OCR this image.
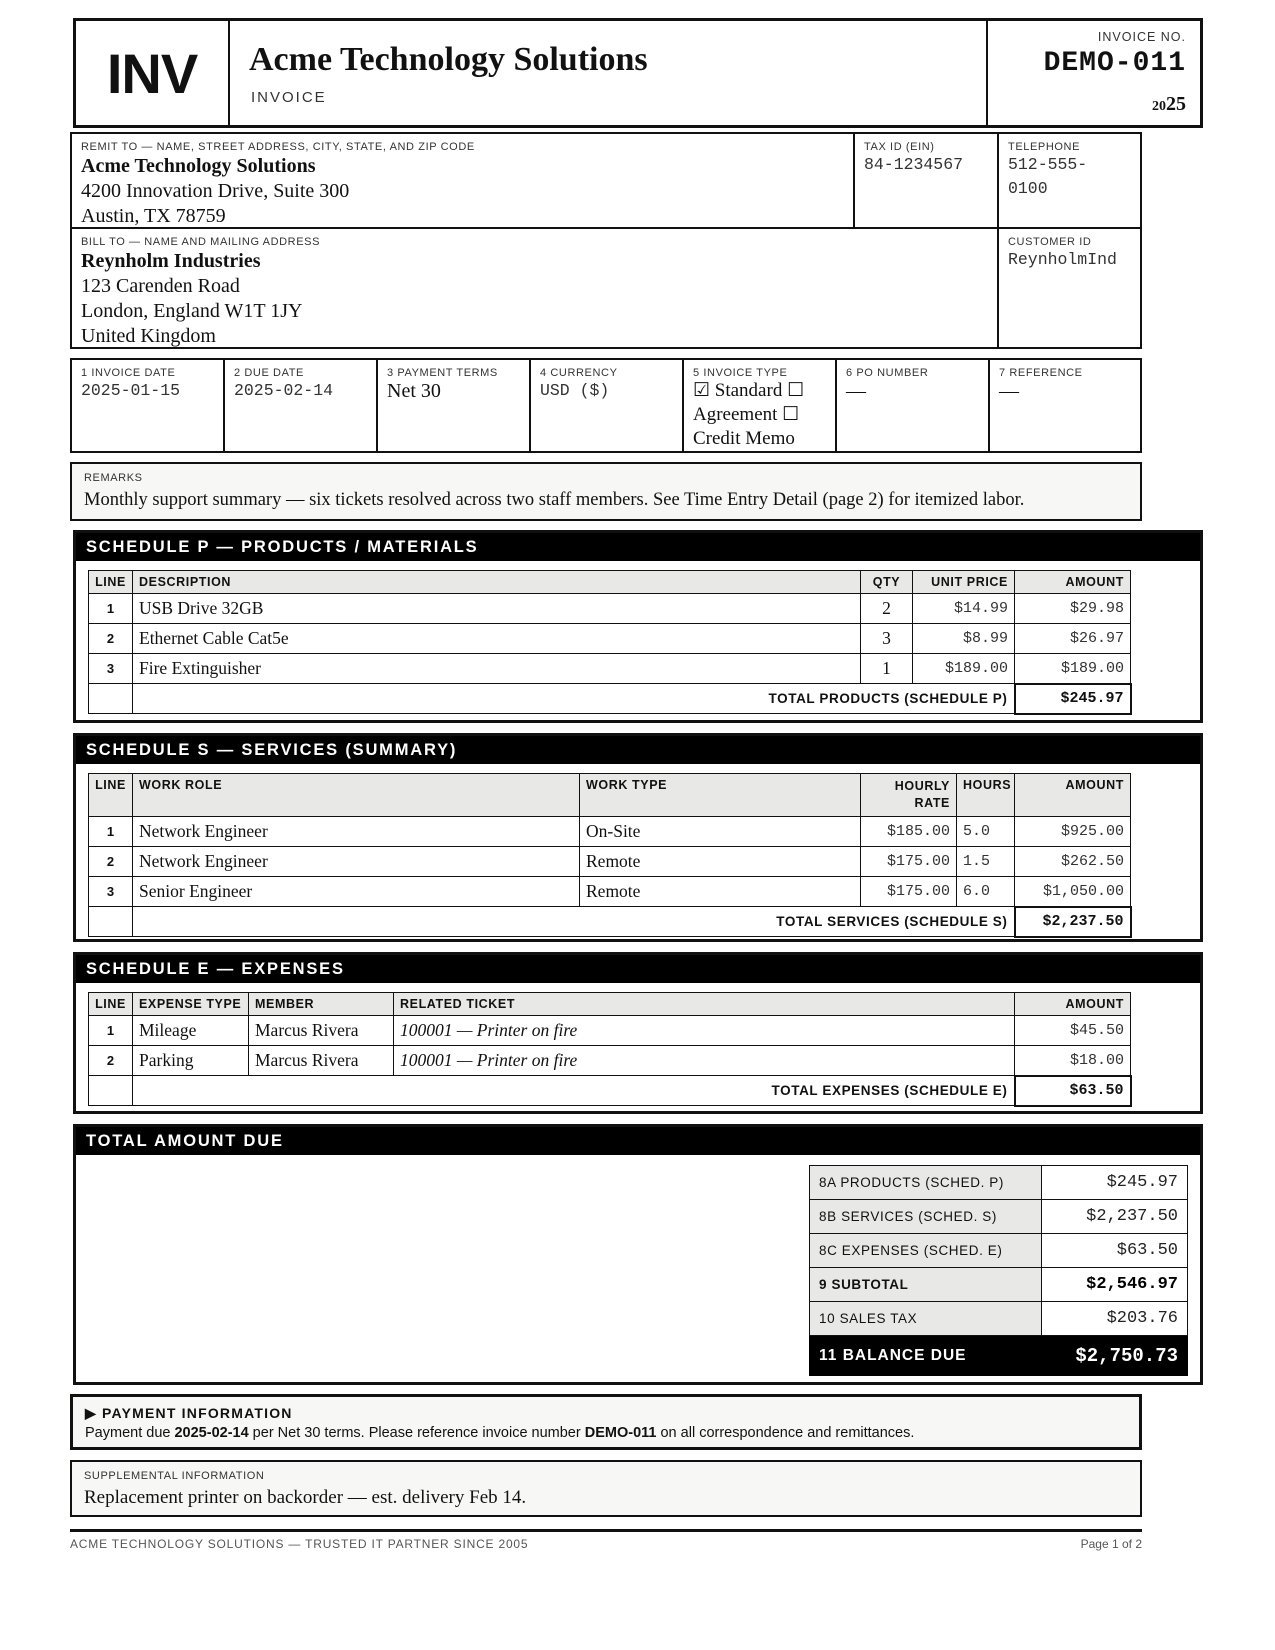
INV	Acme Technology Solutions
INVOICE
INVOICE NO.
DEMO-011
2025
REMIT TO — NAME, STREET ADDRESS, CITY, STATE, AND ZIP CODE
Acme Technology Solutions
4200 Innovation Drive, Suite 300
Austin, TX 78759
TAX ID (EIN)
84-1234567
TELEPHONE
512-555-
0100
BILL TO — NAME AND MAILING ADDRESS
Reynholm Industries
123 Carenden Road
London, England W1T 1JY
United Kingdom
CUSTOMER ID
ReynholmInd
1 INVOICE DATE
2025-01-15
2 DUE DATE
2025-02-14
3 PAYMENT TERMS
Net 30
4 CURRENCY
USD ($)
5 INVOICE TYPE
☑ Standard ☐
Agreement ☐
Credit Memo
6 PO NUMBER
—
7 REFERENCE
—
REMARKS
Monthly support summary — six tickets resolved across two staff members. See Time Entry Detail (page 2) for itemized labor.
SCHEDULE P — PRODUCTS / MATERIALS
LINE	DESCRIPTION	QTY	UNIT PRICE	AMOUNT
1	USB Drive 32GB	2	$14.99	$29.98
2	Ethernet Cable Cat5e	3	$8.99	$26.97
3	Fire Extinguisher	1	$189.00	$189.00
	TOTAL PRODUCTS (SCHEDULE P)			$245.97
SCHEDULE S — SERVICES (SUMMARY)
LINE	WORK ROLE	WORK TYPE	HOURLY
RATE	HOURS	AMOUNT
1	Network Engineer	On-Site	$185.00	5.0	$925.00
2	Network Engineer	Remote	$175.00	1.5	$262.50
3	Senior Engineer	Remote	$175.00	6.0	$1,050.00
	TOTAL SERVICES (SCHEDULE S)				$2,237.50
SCHEDULE E — EXPENSES
LINE	EXPENSE TYPE	MEMBER	RELATED TICKET	AMOUNT
1	Mileage	Marcus Rivera	100001 — Printer on fire	$45.50
2	Parking	Marcus Rivera	100001 — Printer on fire	$18.00
	TOTAL EXPENSES (SCHEDULE E)			$63.50
TOTAL AMOUNT DUE
8A PRODUCTS (SCHED. P)	$245.97
8B SERVICES (SCHED. S)	$2,237.50
8C EXPENSES (SCHED. E)	$63.50
9 SUBTOTAL	$2,546.97
10 SALES TAX	$203.76
11 BALANCE DUE	$2,750.73
▶ PAYMENT INFORMATION
Payment due 2025-02-14 per Net 30 terms. Please reference invoice number DEMO-011 on all correspondence and remittances.
SUPPLEMENTAL INFORMATION
Replacement printer on backorder — est. delivery Feb 14.
ACME TECHNOLOGY SOLUTIONS — TRUSTED IT PARTNER SINCE 2005	Page 1 of 2
